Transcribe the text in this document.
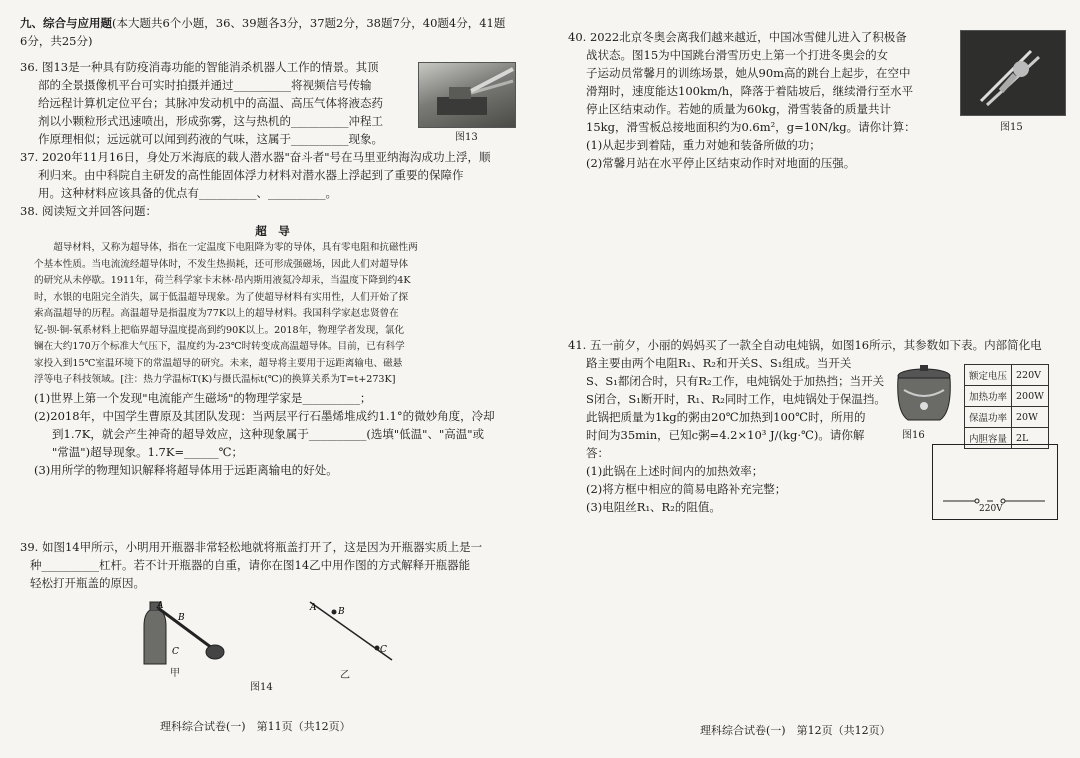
九、综合与应用题(本大题共6个小题，36、39题各3分，37题2分，38题7分，40题4分，41题
6分，共25分)
36. 图13是一种具有防疫消毒功能的智能消杀机器人工作的情景。其顶
部的全景摄像机平台可实时拍摄并通过__________将视频信号传输
给远程计算机定位平台；其脉冲发动机中的高温、高压气体将液态药
剂以小颗粒形式迅速喷出，形成弥雾，这与热机的__________冲程工
作原理相似；远远就可以闻到药液的气味，这属于__________现象。	图13
37. 2020年11月16日，身处万米海底的载人潜水器"奋斗者"号在马里亚纳海沟成功上浮，顺
利归来。由中科院自主研发的高性能固体浮力材料对潜水器上浮起到了重要的保障作
用。这种材料应该具备的优点有__________、__________。
38. 阅读短文并回答问题：
超　导
超导材料，又称为超导体，指在一定温度下电阻降为零的导体，具有零电阻和抗磁性两
个基本性质。当电流流经超导体时，不发生热损耗，还可形成强磁场，因此人们对超导体
的研究从未停歇。1911年，荷兰科学家卡末林·昂内斯用液氦冷却汞，当温度下降到约4K
时，水银的电阻完全消失，属于低温超导现象。为了使超导材料有实用性，人们开始了探
索高温超导的历程。高温超导是指温度为77K以上的超导材料。我国科学家赵忠贤曾在
钇-钡-铜-氧系材料上把临界超导温度提高到约90K以上。2018年，物理学者发现，氯化
镧在大约170万个标准大气压下，温度约为-23℃时转变成高温超导体。目前，已有科学
家投入到15℃室温环境下的常温超导的研究。未来，超导将主要用于远距离输电、磁悬
浮等电子科技领域。[注：热力学温标T(K)与摄氏温标t(℃)的换算关系为T=t+273K]
(1)世界上第一个发现"电流能产生磁场"的物理学家是__________；
(2)2018年，中国学生曹原及其团队发现：当两层平行石墨烯堆成约1.1°的微妙角度，冷却
到1.7K，就会产生神奇的超导效应，这种现象属于__________(选填"低温"、"高温"或
"常温")超导现象。1.7K=______℃；
(3)用所学的物理知识解释将超导体用于远距离输电的好处。
39. 如图14甲所示，小明用开瓶器非常轻松地就将瓶盖打开了，这是因为开瓶器实质上是一
种__________杠杆。若不计开瓶器的自重，请你在图14乙中用作图的方式解释开瓶器能
轻松打开瓶盖的原因。
A
B
C
甲
A B
C
乙
图14
理科综合试卷(一)　第11页（共12页）
40. 2022北京冬奥会离我们越来越近，中国冰雪健儿进入了积极备
战状态。图15为中国跳台滑雪历史上第一个打进冬奥会的女
子运动员常馨月的训练场景，她从90m高的跳台上起步，在空中
滑翔时，速度能达100km/h，降落于着陆坡后，继续滑行至水平
停止区结束动作。若她的质量为60kg，滑雪装备的质量共计
15kg，滑雪板总接地面积约为0.6m²，g=10N/kg。请你计算：
(1)从起步到着陆，重力对她和装备所做的功；
(2)常馨月站在水平停止区结束动作时对地面的压强。
图15
41. 五一前夕，小丽的妈妈买了一款全自动电炖锅，如图16所示，其参数如下表。内部简化电
路主要由两个电阻R₁、R₂和开关S、S₁组成。当开关
S、S₁都闭合时，只有R₂工作，电炖锅处于加热挡；当开关
S闭合，S₁断开时，R₁、R₂同时工作，电炖锅处于保温挡。
此锅把质量为1kg的粥由20℃加热到100℃时，所用的
时间为35min，已知c粥=4.2×10³ J/(kg·℃)。请你解答：
(1)此锅在上述时间内的加热效率；
(2)将方框中相应的简易电路补充完整；
(3)电阻丝R₁、R₂的阻值。
图16
额定电压	220V
加热功率	200W
保温功率	20W
内胆容量	2L
220V
理科综合试卷(一)　第12页（共12页）
